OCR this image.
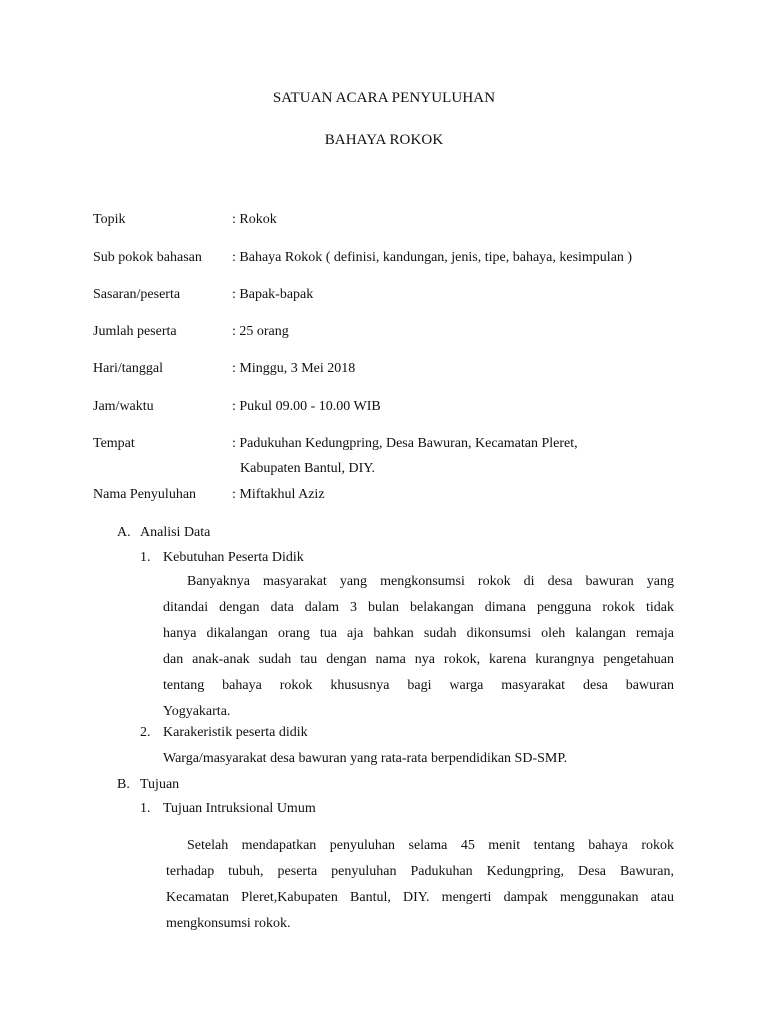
SATUAN ACARA PENYULUHAN
BAHAYA ROKOK
Topik	: Rokok
Sub pokok bahasan : Bahaya Rokok ( definisi, kandungan, jenis, tipe, bahaya, kesimpulan )
Sasaran/peserta	: Bapak-bapak
Jumlah peserta	: 25 orang
Hari/tanggal	: Minggu, 3 Mei 2018
Jam/waktu	: Pukul 09.00 - 10.00 WIB
Tempat	: Padukuhan Kedungpring, Desa Bawuran, Kecamatan Pleret,
Kabupaten Bantul, DIY.
Nama Penyuluhan	: Miftakhul Aziz
A. Analisi Data
1. Kebutuhan Peserta Didik
Banyaknya masyarakat yang mengkonsumsi rokok di desa bawuran yang
ditandai dengan data dalam 3 bulan belakangan dimana pengguna rokok tidak
hanya dikalangan orang tua aja bahkan sudah dikonsumsi oleh kalangan remaja
dan anak-anak sudah tau dengan nama nya rokok, karena kurangnya pengetahuan
tentang bahaya rokok khususnya bagi warga masyarakat desa bawuran
Yogyakarta.
2. Karakeristik peserta didik
Warga/masyarakat desa bawuran yang rata-rata berpendidikan SD-SMP.
B. Tujuan
1. Tujuan Intruksional Umum
Setelah mendapatkan penyuluhan selama 45 menit tentang bahaya rokok
terhadap tubuh, peserta penyuluhan Padukuhan Kedungpring, Desa Bawuran,
Kecamatan Pleret,Kabupaten Bantul, DIY. mengerti dampak menggunakan atau
mengkonsumsi rokok.
